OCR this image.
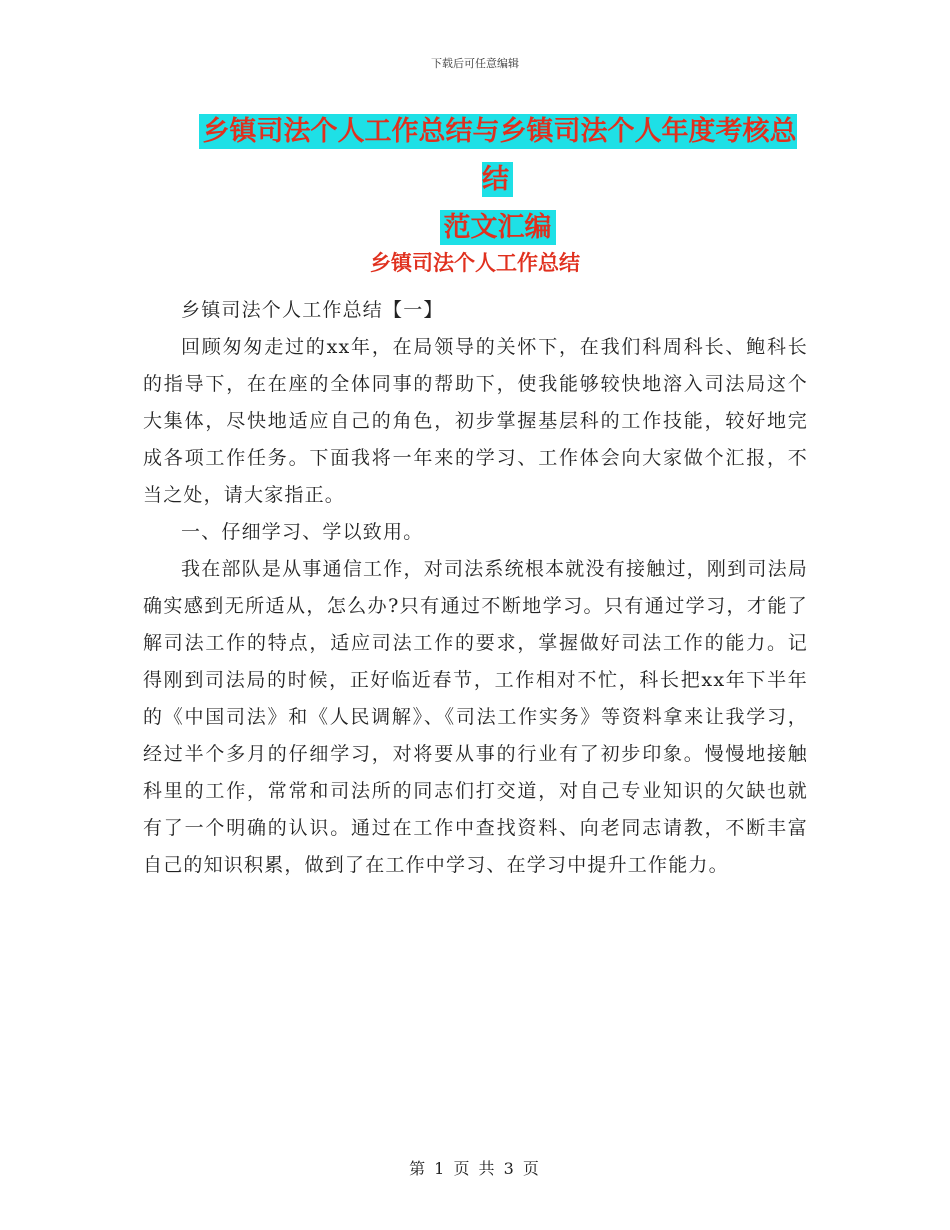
下载后可任意编辑
乡镇司法个人工作总结与乡镇司法个人年度考核总结
范文汇编
乡镇司法个人工作总结

乡镇司法个人工作总结【一】

回顾匆匆走过的xx年，在局领导的关怀下，在我们科周科长、鲍科长的指导下，在在座的全体同事的帮助下，使我能够较快地溶入司法局这个大集体，尽快地适应自己的角色，初步掌握基层科的工作技能，较好地完成各项工作任务。下面我将一年来的学习、工作体会向大家做个汇报，不当之处，请大家指正。

一、仔细学习、学以致用。

我在部队是从事通信工作，对司法系统根本就没有接触过，刚到司法局确实感到无所适从，怎么办?只有通过不断地学习。只有通过学习，才能了解司法工作的特点，适应司法工作的要求，掌握做好司法工作的能力。记得刚到司法局的时候，正好临近春节，工作相对不忙，科长把xx年下半年的《中国司法》和《人民调解》、《司法工作实务》等资料拿来让我学习，经过半个多月的仔细学习，对将要从事的行业有了初步印象。慢慢地接触科里的工作，常常和司法所的同志们打交道，对自己专业知识的欠缺也就有了一个明确的认识。通过在工作中查找资料、向老同志请教，不断丰富自己的知识积累，做到了在工作中学习、在学习中提升工作能力。

第 1 页 共 3 页
